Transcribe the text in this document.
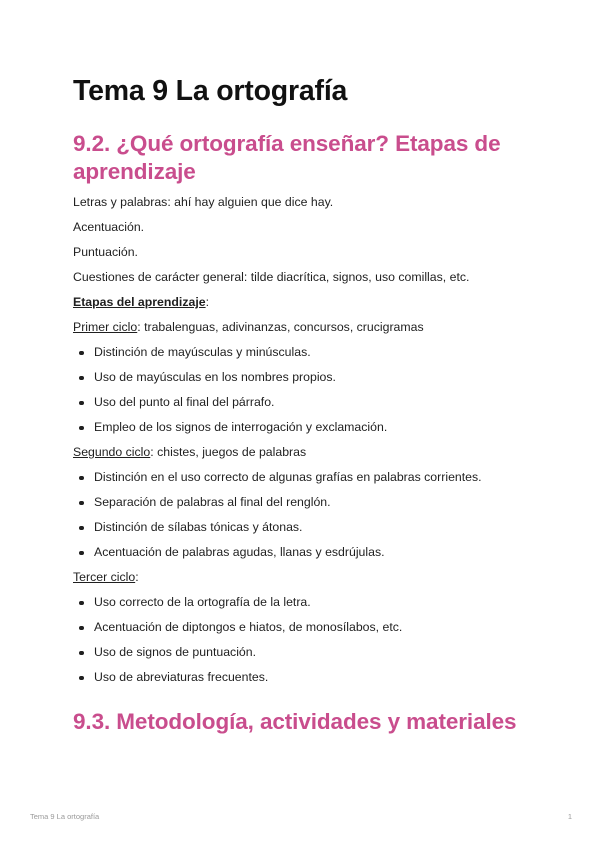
Tema 9 La ortografía
9.2. ¿Qué ortografía enseñar? Etapas de aprendizaje

Letras y palabras: ahí hay alguien que dice hay.

Acentuación.

Puntuación.

Cuestiones de carácter general: tilde diacrítica, signos, uso comillas, etc.

Etapas del aprendizaje:

Primer ciclo: trabalenguas, adivinanzas, concursos, crucigramas

Distinción de mayúsculas y minúsculas.
Uso de mayúsculas en los nombres propios.
Uso del punto al final del párrafo.
Empleo de los signos de interrogación y exclamación.

Segundo ciclo: chistes, juegos de palabras

Distinción en el uso correcto de algunas grafías en palabras corrientes.
Separación de palabras al final del renglón.
Distinción de sílabas tónicas y átonas.
Acentuación de palabras agudas, llanas y esdrújulas.

Tercer ciclo:

Uso correcto de la ortografía de la letra.
Acentuación de diptongos e hiatos, de monosílabos, etc.
Uso de signos de puntuación.
Uso de abreviaturas frecuentes.
9.3. Metodología, actividades y materiales
Tema 9 La ortografía	1
